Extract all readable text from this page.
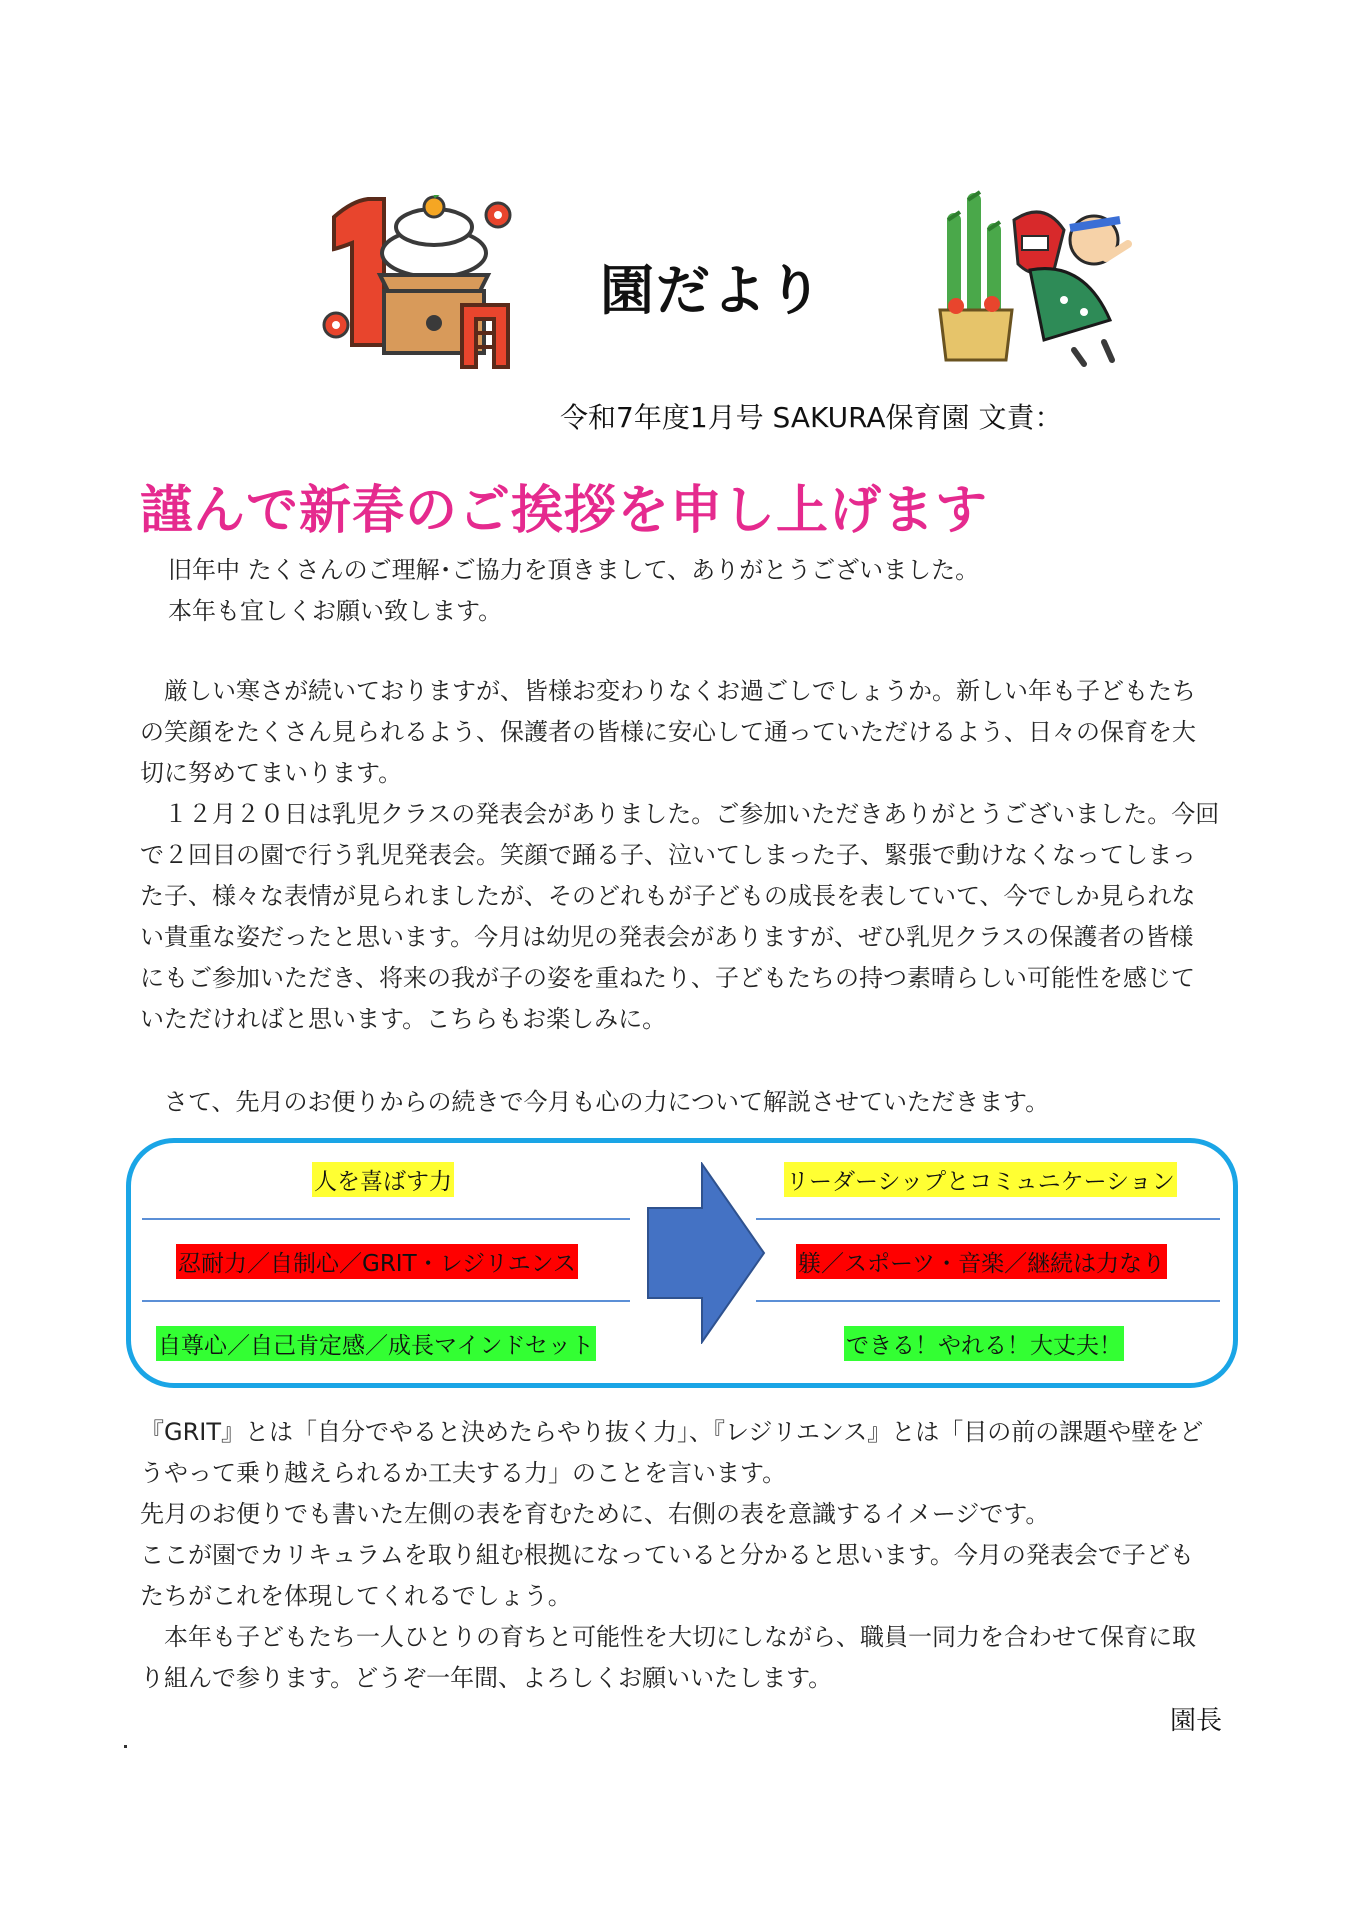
園だより
令和7年度1月号 SAKURA保育園 文責：
謹んで新春のご挨拶を申し上げます
旧年中 たくさんのご理解･ご協力を頂きまして、ありがとうございました。
本年も宜しくお願い致します。
　厳しい寒さが続いておりますが、皆様お変わりなくお過ごしでしょうか。新しい年も子どもたち
の笑顔をたくさん見られるよう、保護者の皆様に安心して通っていただけるよう、日々の保育を大
切に努めてまいります。
　１２月２０日は乳児クラスの発表会がありました。ご参加いただきありがとうございました。今回
で２回目の園で行う乳児発表会。笑顔で踊る子、泣いてしまった子、緊張で動けなくなってしまっ
た子、様々な表情が見られましたが、そのどれもが子どもの成長を表していて、今でしか見られな
い貴重な姿だったと思います。今月は幼児の発表会がありますが、ぜひ乳児クラスの保護者の皆様
にもご参加いただき、将来の我が子の姿を重ねたり、子どもたちの持つ素晴らしい可能性を感じて
いただければと思います。こちらもお楽しみに。
　さて、先月のお便りからの続きで今月も心の力について解説させていただきます。
人を喜ばす力
忍耐力／自制心／GRIT・レジリエンス
自尊心／自己肯定感／成長マインドセット
リーダーシップとコミュニケーション
躾／スポーツ・音楽／継続は力なり
できる！やれる！大丈夫！
『GRIT』とは「自分でやると決めたらやり抜く力」、『レジリエンス』とは「目の前の課題や壁をど
うやって乗り越えられるか工夫する力」のことを言います。
先月のお便りでも書いた左側の表を育むために、右側の表を意識するイメージです。
ここが園でカリキュラムを取り組む根拠になっていると分かると思います。今月の発表会で子ども
たちがこれを体現してくれるでしょう。
　本年も子どもたち一人ひとりの育ちと可能性を大切にしながら、職員一同力を合わせて保育に取
り組んで参ります。どうぞ一年間、よろしくお願いいたします。
園長
